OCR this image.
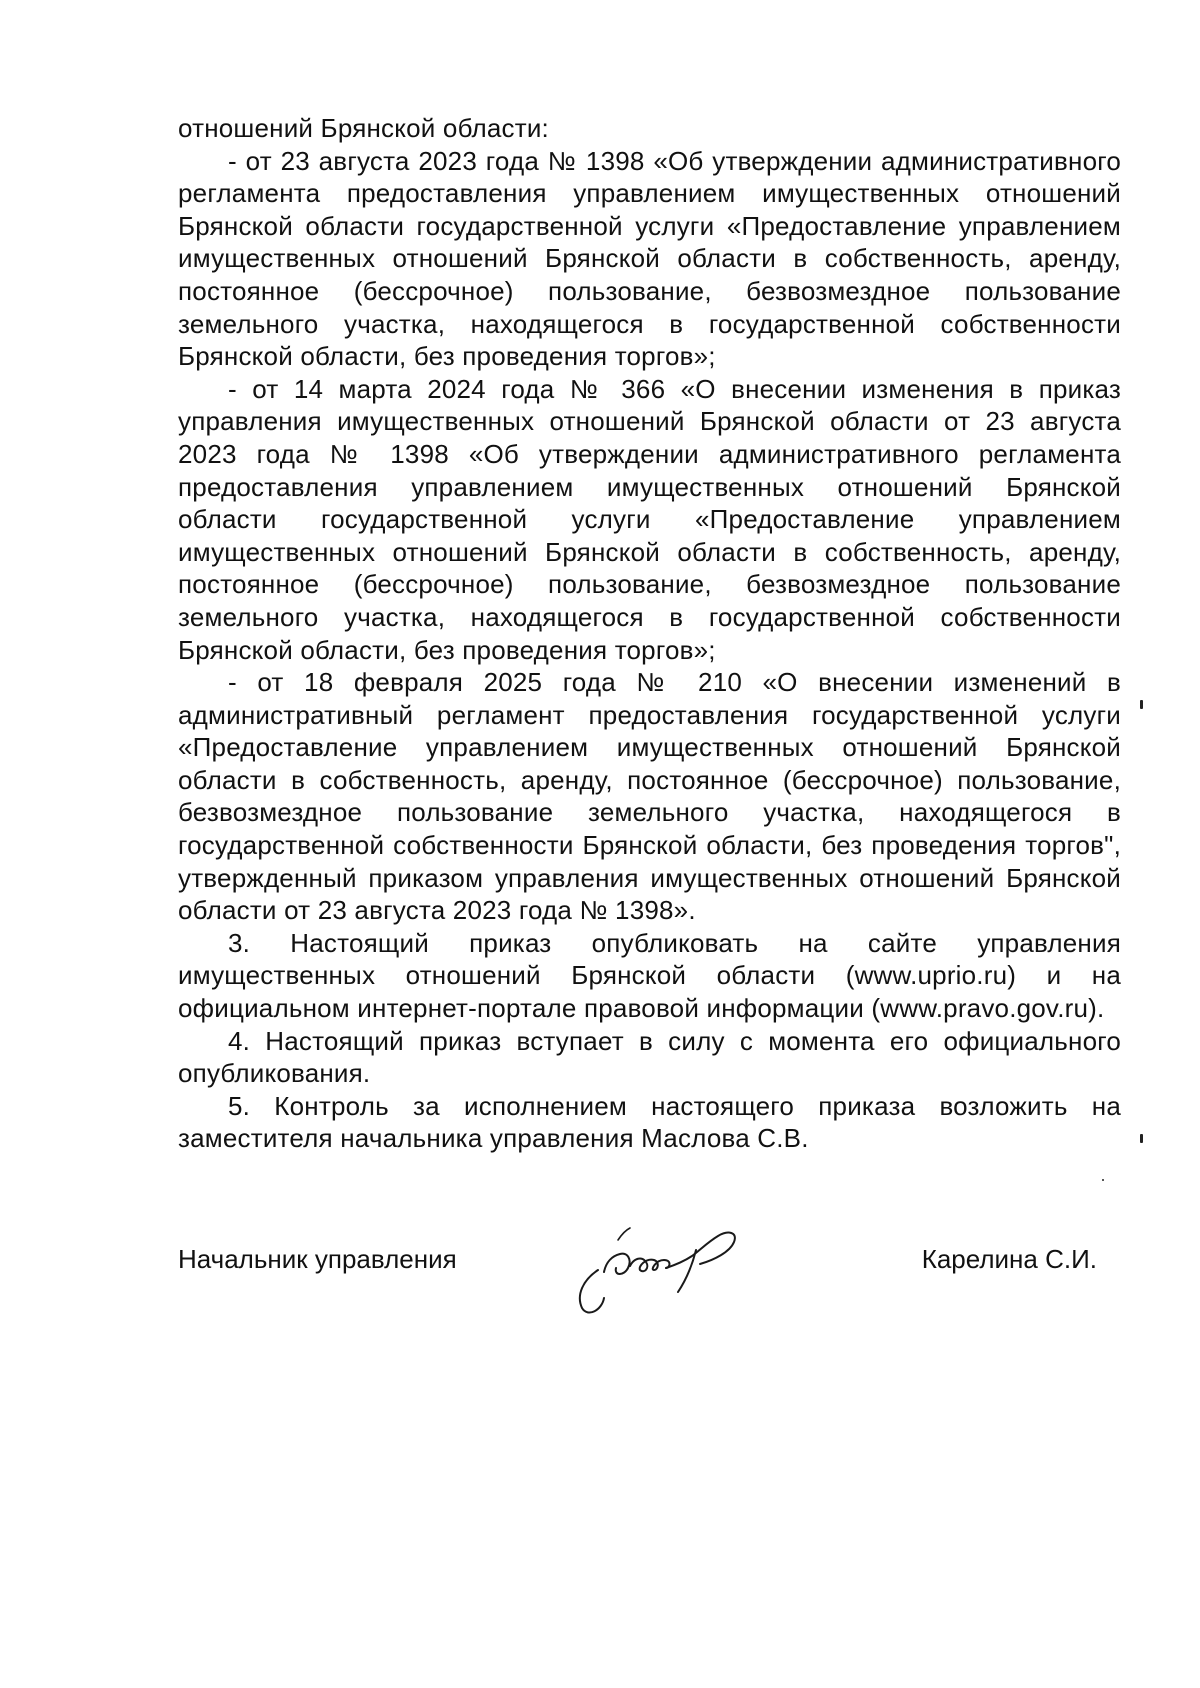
отношений Брянской области:

- от 23 августа 2023 года № 1398 «Об утверждении административного регламента предоставления управлением имущественных отношений Брянской области государственной услуги «Предоставление управлением имущественных отношений Брянской области в собственность, аренду, постоянное (бессрочное) пользование, безвозмездное пользование земельного участка, находящегося в государственной собственности Брянской области, без проведения торгов»;

- от 14 марта 2024 года № 366 «О внесении изменения в приказ управления имущественных отношений Брянской области от 23 августа 2023 года № 1398 «Об утверждении административного регламента предоставления управлением имущественных отношений Брянской области государственной услуги «Предоставление управлением имущественных отношений Брянской области в собственность, аренду, постоянное (бессрочное) пользование, безвозмездное пользование земельного участка, находящегося в государственной собственности Брянской области, без проведения торгов»;

- от 18 февраля 2025 года № 210 «О внесении изменений в административный регламент предоставления государственной услуги «Предоставление управлением имущественных отношений Брянской области в собственность, аренду, постоянное (бессрочное) пользование, безвозмездное пользование земельного участка, находящегося в государственной собственности Брянской области, без проведения торгов", утвержденный приказом управления имущественных отношений Брянской области от 23 августа 2023 года № 1398».

3. Настоящий приказ опубликовать на сайте управления имущественных отношений Брянской области (www.uprio.ru) и на официальном интернет-портале правовой информации (www.pravo.gov.ru).

4. Настоящий приказ вступает в силу с момента его официального опубликования.

5. Контроль за исполнением настоящего приказа возложить на заместителя начальника управления Маслова С.В.

Начальник управления	Карелина С.И.
